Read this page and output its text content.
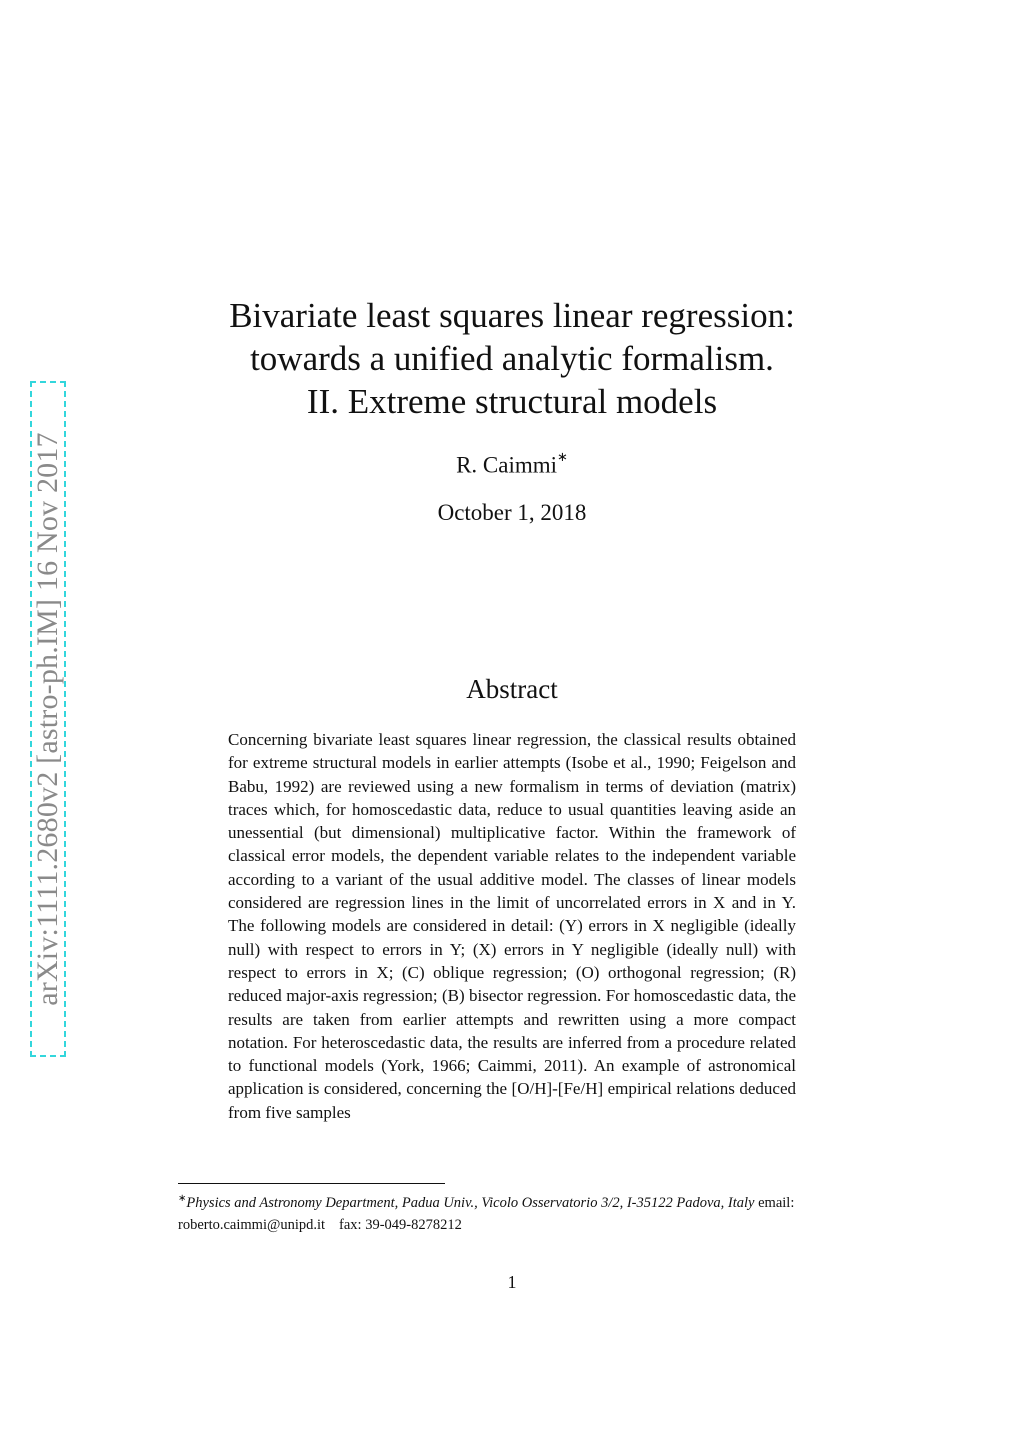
arXiv:1111.2680v2 [astro-ph.IM] 16 Nov 2017
Bivariate least squares linear regression:
towards a unified analytic formalism.
II. Extreme structural models
R. Caimmi∗
October 1, 2018
Abstract

Concerning bivariate least squares linear regression, the classical results obtained for extreme structural models in earlier attempts (Isobe et al., 1990; Feigelson and Babu, 1992) are reviewed using a new formalism in terms of deviation (matrix) traces which, for homoscedastic data, reduce to usual quantities leaving aside an unessential (but dimensional) multiplicative factor. Within the framework of classical error models, the dependent variable relates to the independent variable according to a variant of the usual additive model. The classes of linear models considered are regression lines in the limit of uncorrelated errors in X and in Y. The following models are considered in detail: (Y) errors in X negligible (ideally null) with respect to errors in Y; (X) errors in Y negligible (ideally null) with respect to errors in X; (C) oblique regression; (O) orthogonal regression; (R) reduced major-axis regression; (B) bisector regression. For homoscedastic data, the results are taken from earlier attempts and rewritten using a more compact notation. For heteroscedastic data, the results are inferred from a procedure related to functional models (York, 1966; Caimmi, 2011). An example of astronomical application is considered, concerning the [O/H]-[Fe/H] empirical relations deduced from five samples

∗Physics and Astronomy Department, Padua Univ., Vicolo Osservatorio 3/2, I-35122 Padova, Italy email: roberto.caimmi@unipd.it fax: 39-049-8278212
1
